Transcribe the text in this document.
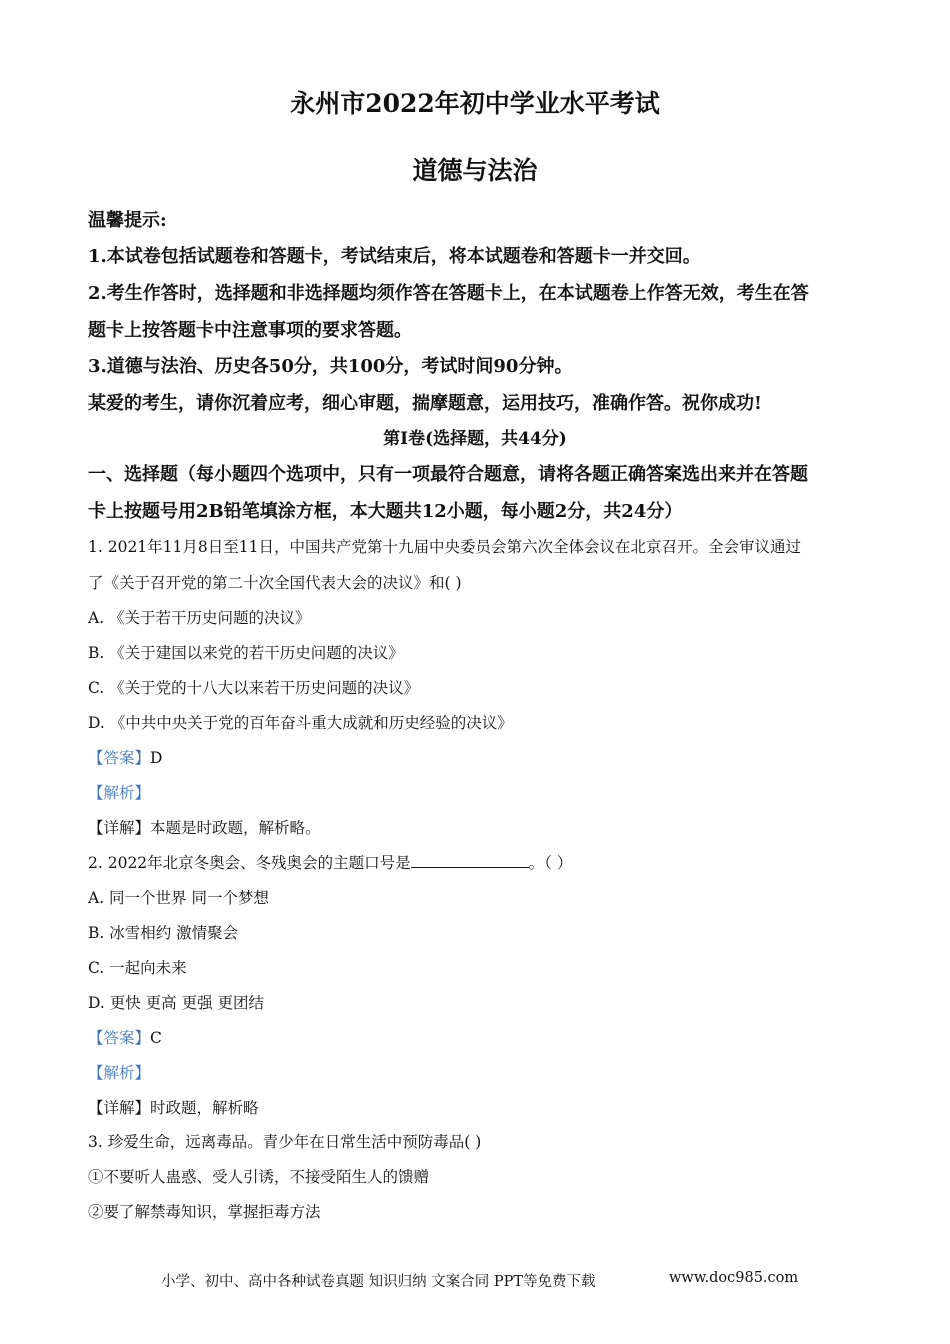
永州市2022年初中学业水平考试
道德与法治
温馨提示:
1.本试卷包括试题卷和答题卡，考试结束后，将本试题卷和答题卡一并交回。
2.考生作答时，选择题和非选择题均须作答在答题卡上，在本试题卷上作答无效，考生在答
题卡上按答题卡中注意事项的要求答题。
3.道德与法治、历史各50分，共100分，考试时间90分钟。
某爱的考生，请你沉着应考，细心审题，揣摩题意，运用技巧，准确作答。祝你成功!
第Ⅰ卷(选择题，共44分)
一、选择题（每小题四个选项中，只有一项最符合题意，请将各题正确答案选出来并在答题
卡上按题号用2B铅笔填涂方框，本大题共12小题，每小题2分，共24分）
1. 2021年11月8日至11日，中国共产党第十九届中央委员会第六次全体会议在北京召开。全会审议通过
了《关于召开党的第二十次全国代表大会的决议》和( )
A. 《关于若干历史问题的决议》
B. 《关于建国以来党的若干历史问题的决议》
C. 《关于党的十八大以来若干历史问题的决议》
D. 《中共中央关于党的百年奋斗重大成就和历史经验的决议》
【答案】D
【解析】
【详解】本题是时政题，解析略。
2. 2022年北京冬奥会、冬残奥会的主题口号是	。（ ）
A. 同一个世界 同一个梦想
B. 冰雪相约 激情聚会
C. 一起向未来
D. 更快 更高 更强 更团结
【答案】C
【解析】
【详解】时政题，解析略
3. 珍爱生命，远离毒品。青少年在日常生活中预防毒品( )
①不要听人蛊惑、受人引诱，不接受陌生人的馈赠
②要了解禁毒知识，掌握拒毒方法
小学、初中、高中各种试卷真题 知识归纳 文案合同 PPT等免费下载	www.doc985.com
